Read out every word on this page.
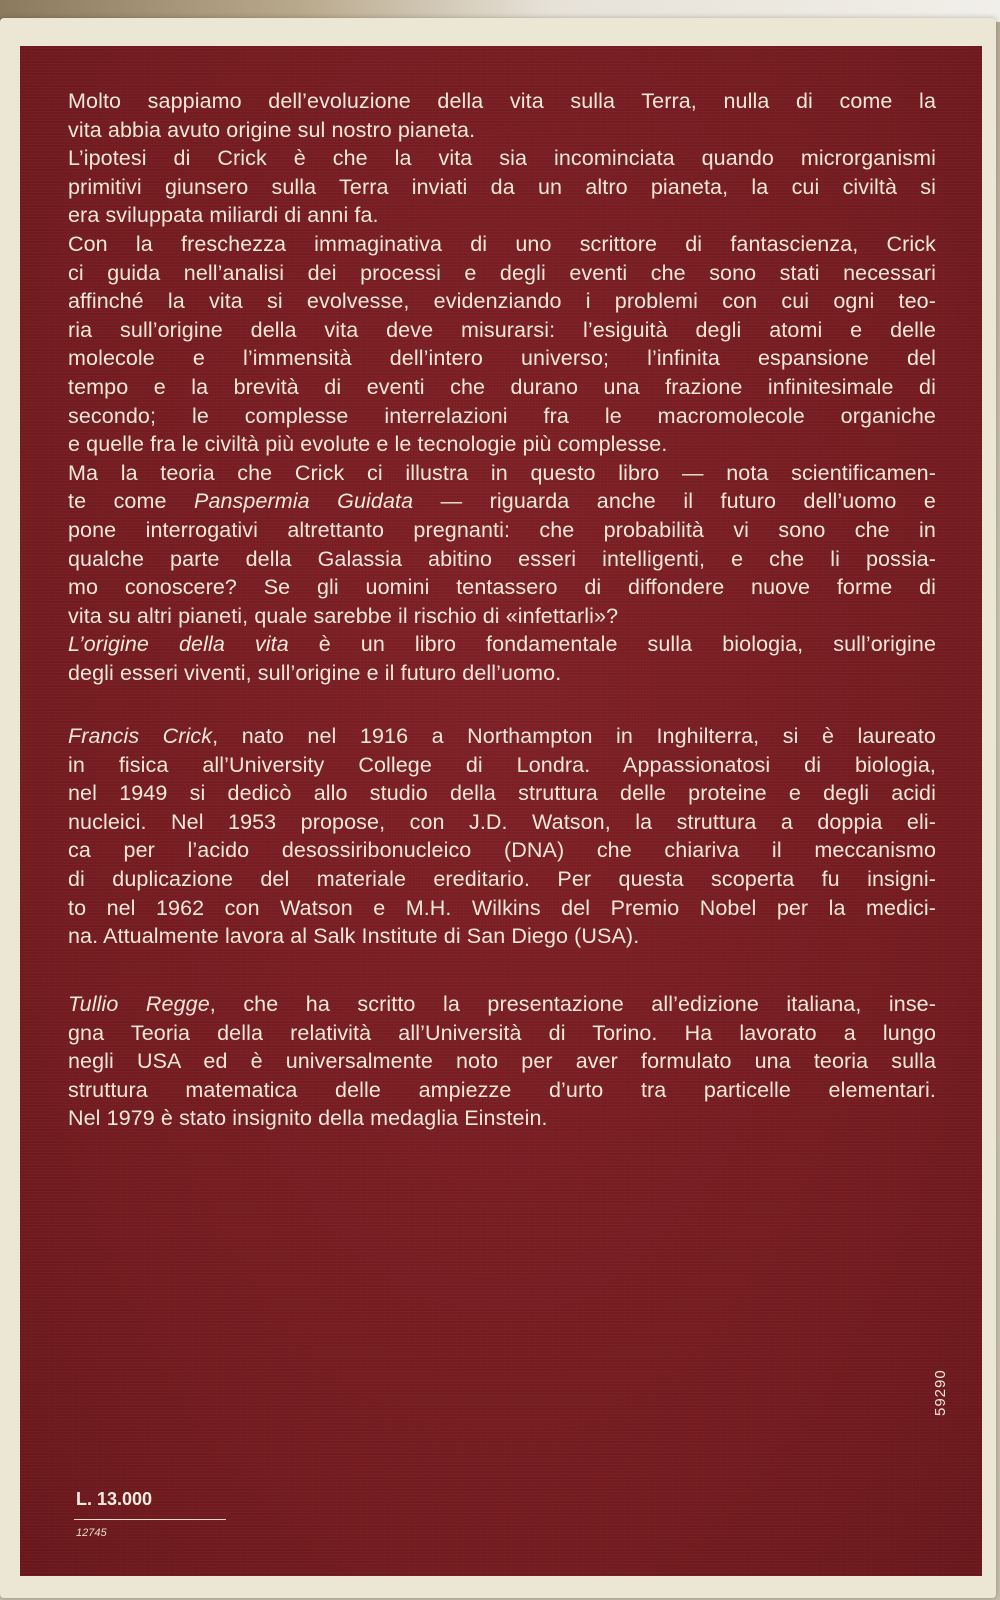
Molto sappiamo dell’evoluzione della vita sulla Terra, nulla di come la
vita abbia avuto origine sul nostro pianeta.
L’ipotesi di Crick è che la vita sia incominciata quando microrganismi
primitivi giunsero sulla Terra inviati da un altro pianeta, la cui civiltà si
era sviluppata miliardi di anni fa.
Con la freschezza immaginativa di uno scrittore di fantascienza, Crick
ci guida nell’analisi dei processi e degli eventi che sono stati necessari
affinché la vita si evolvesse, evidenziando i problemi con cui ogni teo-
ria sull’origine della vita deve misurarsi: l’esiguità degli atomi e delle
molecole e l’immensità dell’intero universo; l’infinita espansione del
tempo e la brevità di eventi che durano una frazione infinitesimale di
secondo; le complesse interrelazioni fra le macromolecole organiche
e quelle fra le civiltà più evolute e le tecnologie più complesse.
Ma la teoria che Crick ci illustra in questo libro — nota scientificamen-
te come Panspermia Guidata — riguarda anche il futuro dell’uomo e
pone interrogativi altrettanto pregnanti: che probabilità vi sono che in
qualche parte della Galassia abitino esseri intelligenti, e che li possia-
mo conoscere? Se gli uomini tentassero di diffondere nuove forme di
vita su altri pianeti, quale sarebbe il rischio di «infettarli»?
L’origine della vita è un libro fondamentale sulla biologia, sull’origine
degli esseri viventi, sull’origine e il futuro dell’uomo.
Francis Crick, nato nel 1916 a Northampton in Inghilterra, si è laureato
in fisica all’University College di Londra. Appassionatosi di biologia,
nel 1949 si dedicò allo studio della struttura delle proteine e degli acidi
nucleici. Nel 1953 propose, con J.D. Watson, la struttura a doppia eli-
ca per l’acido desossiribonucleico (DNA) che chiariva il meccanismo
di duplicazione del materiale ereditario. Per questa scoperta fu insigni-
to nel 1962 con Watson e M.H. Wilkins del Premio Nobel per la medici-
na. Attualmente lavora al Salk Institute di San Diego (USA).
Tullio Regge, che ha scritto la presentazione all’edizione italiana, inse-
gna Teoria della relatività all’Università di Torino. Ha lavorato a lungo
negli USA ed è universalmente noto per aver formulato una teoria sulla
struttura matematica delle ampiezze d’urto tra particelle elementari.
Nel 1979 è stato insignito della medaglia Einstein.
59290
L. 13.000
12745
